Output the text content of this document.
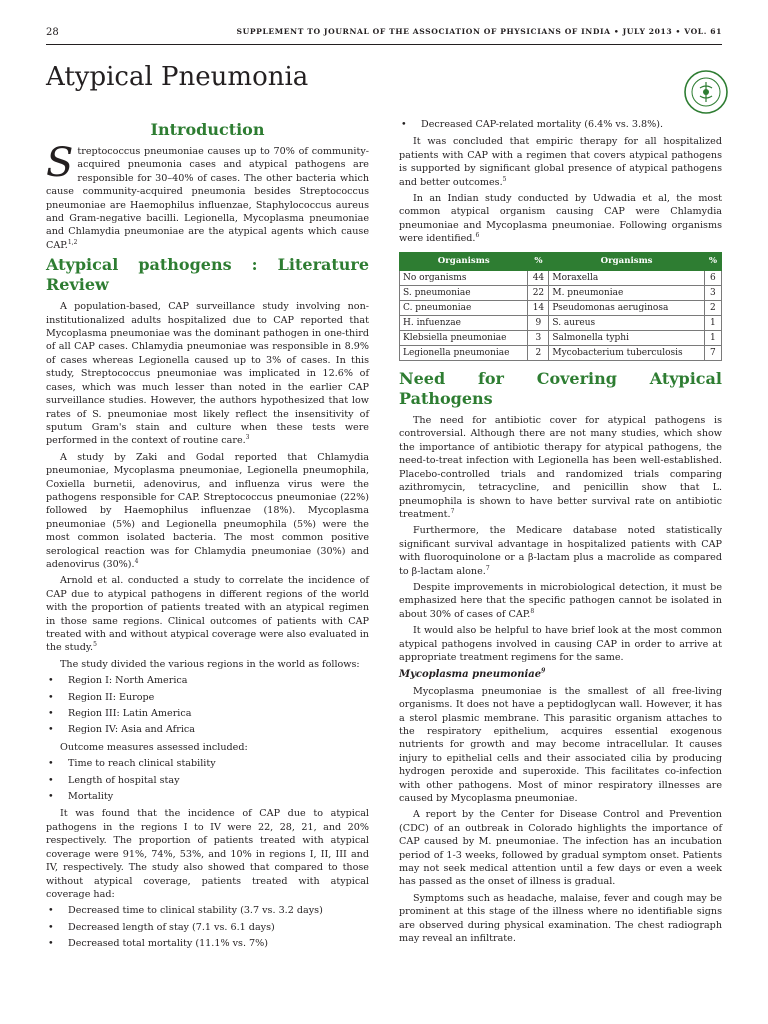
28	SUPPLEMENT TO JOURNAL OF THE ASSOCIATION OF PHYSICIANS OF INDIA • JULY 2013 • VOL. 61
Atypical Pneumonia
Introduction

Streptococcus pneumoniae causes up to 70% of community-acquired pneumonia cases and atypical pathogens are responsible for 30–40% of cases. The other bacteria which cause community-acquired pneumonia besides Streptococcus pneumoniae are Haemophilus influenzae, Staphylococcus aureus and Gram-negative bacilli. Legionella, Mycoplasma pneumoniae and Chlamydia pneumoniae are the atypical agents which cause CAP.$^{1,2}$

Atypical pathogens : Literature Review

A population-based, CAP surveillance study involving non-institutionalized adults hospitalized due to CAP reported that Mycoplasma pneumoniae was the dominant pathogen in one-third of all CAP cases. Chlamydia pneumoniae was responsible in 8.9% of cases whereas Legionella caused up to 3% of cases. In this study, Streptococcus pneumoniae was implicated in 12.6% of cases, which was much lesser than noted in the earlier CAP surveillance studies. However, the authors hypothesized that low rates of S. pneumoniae most likely reflect the insensitivity of sputum Gram's stain and culture when these tests were performed in the context of routine care.$^3$

A study by Zaki and Godal reported that Chlamydia pneumoniae, Mycoplasma pneumoniae, Legionella pneumophila, Coxiella burnetii, adenovirus, and influenza virus were the pathogens responsible for CAP. Streptococcus pneumoniae (22%) followed by Haemophilus influenzae (18%). Mycoplasma pneumoniae (5%) and Legionella pneumophila (5%) were the most common isolated bacteria. The most common positive serological reaction was for Chlamydia pneumoniae (30%) and adenovirus (30%).$^4$

Arnold et al. conducted a study to correlate the incidence of CAP due to atypical pathogens in different regions of the world with the proportion of patients treated with an atypical regimen in those same regions. Clinical outcomes of patients with CAP treated with and without atypical coverage were also evaluated in the study.$^5$

The study divided the various regions in the world as follows:

• Region I: North America
• Region II: Europe
• Region III: Latin America
• Region IV: Asia and Africa

Outcome measures assessed included:

• Time to reach clinical stability
• Length of hospital stay
• Mortality

It was found that the incidence of CAP due to atypical pathogens in the regions I to IV were 22, 28, 21, and 20% respectively. The proportion of patients treated with atypical coverage were 91%, 74%, 53%, and 10% in regions I, II, III and IV, respectively. The study also showed that compared to those without atypical coverage, patients treated with atypical coverage had:

• Decreased time to clinical stability (3.7 vs. 3.2 days)
• Decreased length of stay (7.1 vs. 6.1 days)
• Decreased total mortality (11.1% vs. 7%)
• Decreased CAP-related mortality (6.4% vs. 3.8%).

It was concluded that empiric therapy for all hospitalized patients with CAP with a regimen that covers atypical pathogens is supported by significant global presence of atypical pathogens and better outcomes.$^5$

In an Indian study conducted by Udwadia et al, the most common atypical organism causing CAP were Chlamydia pneumoniae and Mycoplasma pneumoniae. Following organisms were identified.$^6$

Organisms	%	Organisms	%
No organisms	44	Moraxella	6
S. pneumoniae	22	M. pneumoniae	3
C. pneumoniae	14	Pseudomonas aeruginosa	2
H. infuenzae	9	S. aureus	1
Klebsiella pneumoniae	3	Salmonella typhi	1
Legionella pneumoniae	2	Mycobacterium tuberculosis	7
Need for Covering Atypical Pathogens

The need for antibiotic cover for atypical pathogens is controversial. Although there are not many studies, which show the importance of antibiotic therapy for atypical pathogens, the need-to-treat infection with Legionella has been well-established. Placebo-controlled trials and randomized trials comparing azithromycin, tetracycline, and penicillin show that L. pneumophila is shown to have better survival rate on antibiotic treatment.$^7$

Furthermore, the Medicare database noted statistically significant survival advantage in hospitalized patients with CAP with fluoroquinolone or a β-lactam plus a macrolide as compared to β-lactam alone.$^7$

Despite improvements in microbiological detection, it must be emphasized here that the specific pathogen cannot be isolated in about 30% of cases of CAP.$^8$

It would also be helpful to have brief look at the most common atypical pathogens involved in causing CAP in order to arrive at appropriate treatment regimens for the same.

Mycoplasma pneumoniae$^9$

Mycoplasma pneumoniae is the smallest of all free-living organisms. It does not have a peptidoglycan wall. However, it has a sterol plasmic membrane. This parasitic organism attaches to the respiratory epithelium, acquires essential exogenous nutrients for growth and may become intracellular. It causes injury to epithelial cells and their associated cilia by producing hydrogen peroxide and superoxide. This facilitates co-infection with other pathogens. Most of minor respiratory illnesses are caused by Mycoplasma pneumoniae.

A report by the Center for Disease Control and Prevention (CDC) of an outbreak in Colorado highlights the importance of CAP caused by M. pneumoniae. The infection has an incubation period of 1-3 weeks, followed by gradual symptom onset. Patients may not seek medical attention until a few days or even a week has passed as the onset of illness is gradual.

Symptoms such as headache, malaise, fever and cough may be prominent at this stage of the illness where no identifiable signs are observed during physical examination. The chest radiograph may reveal an infiltrate.
